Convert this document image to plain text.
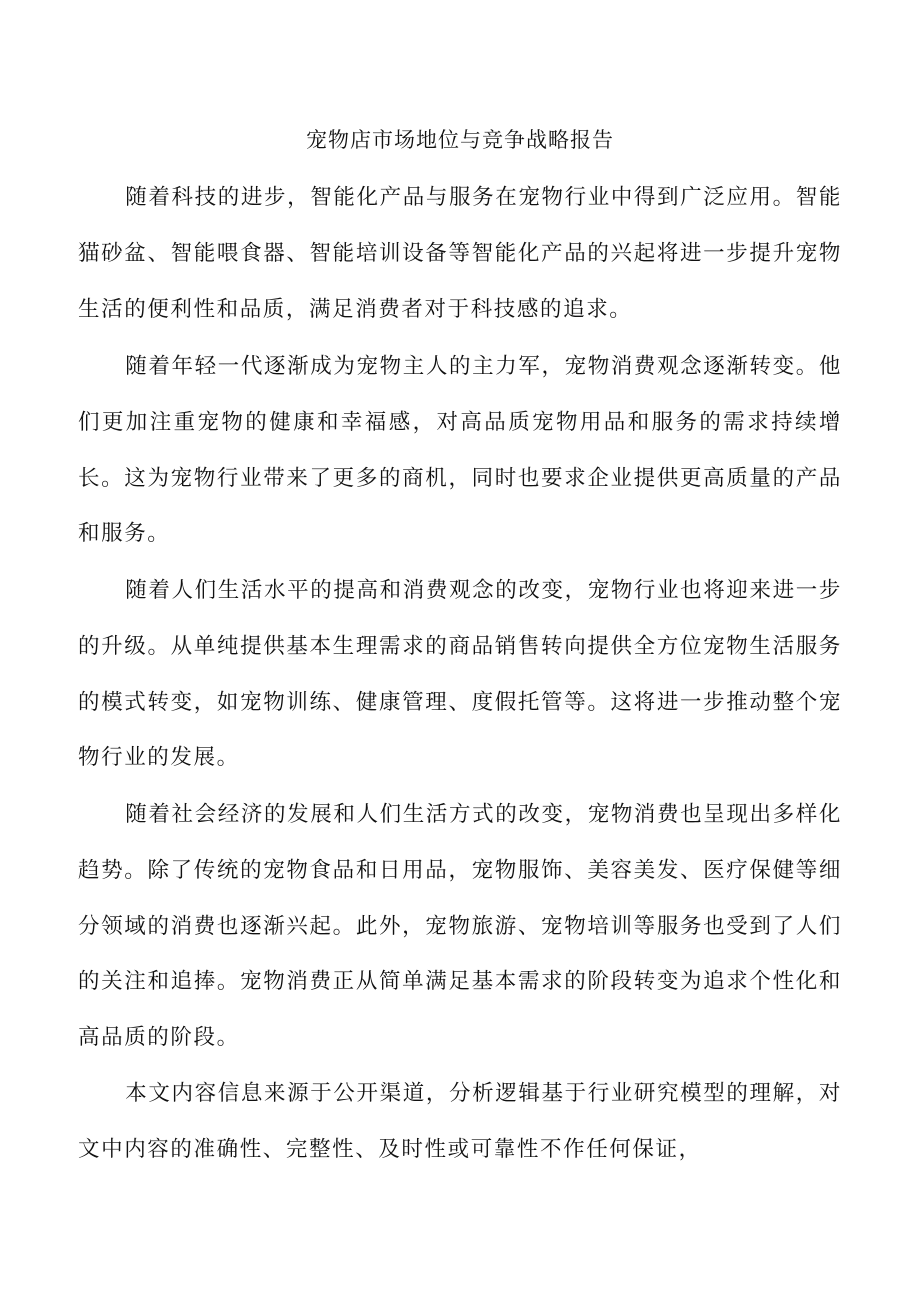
宠物店市场地位与竞争战略报告

随着科技的进步，智能化产品与服务在宠物行业中得到广泛应用。智能猫砂盆、智能喂食器、智能培训设备等智能化产品的兴起将进一步提升宠物生活的便利性和品质，满足消费者对于科技感的追求。

随着年轻一代逐渐成为宠物主人的主力军，宠物消费观念逐渐转变。他们更加注重宠物的健康和幸福感，对高品质宠物用品和服务的需求持续增长。这为宠物行业带来了更多的商机，同时也要求企业提供更高质量的产品和服务。

随着人们生活水平的提高和消费观念的改变，宠物行业也将迎来进一步的升级。从单纯提供基本生理需求的商品销售转向提供全方位宠物生活服务的模式转变，如宠物训练、健康管理、度假托管等。这将进一步推动整个宠物行业的发展。

随着社会经济的发展和人们生活方式的改变，宠物消费也呈现出多样化趋势。除了传统的宠物食品和日用品，宠物服饰、美容美发、医疗保健等细分领域的消费也逐渐兴起。此外，宠物旅游、宠物培训等服务也受到了人们的关注和追捧。宠物消费正从简单满足基本需求的阶段转变为追求个性化和高品质的阶段。

本文内容信息来源于公开渠道，分析逻辑基于行业研究模型的理解，对文中内容的准确性、完整性、及时性或可靠性不作任何保证，
